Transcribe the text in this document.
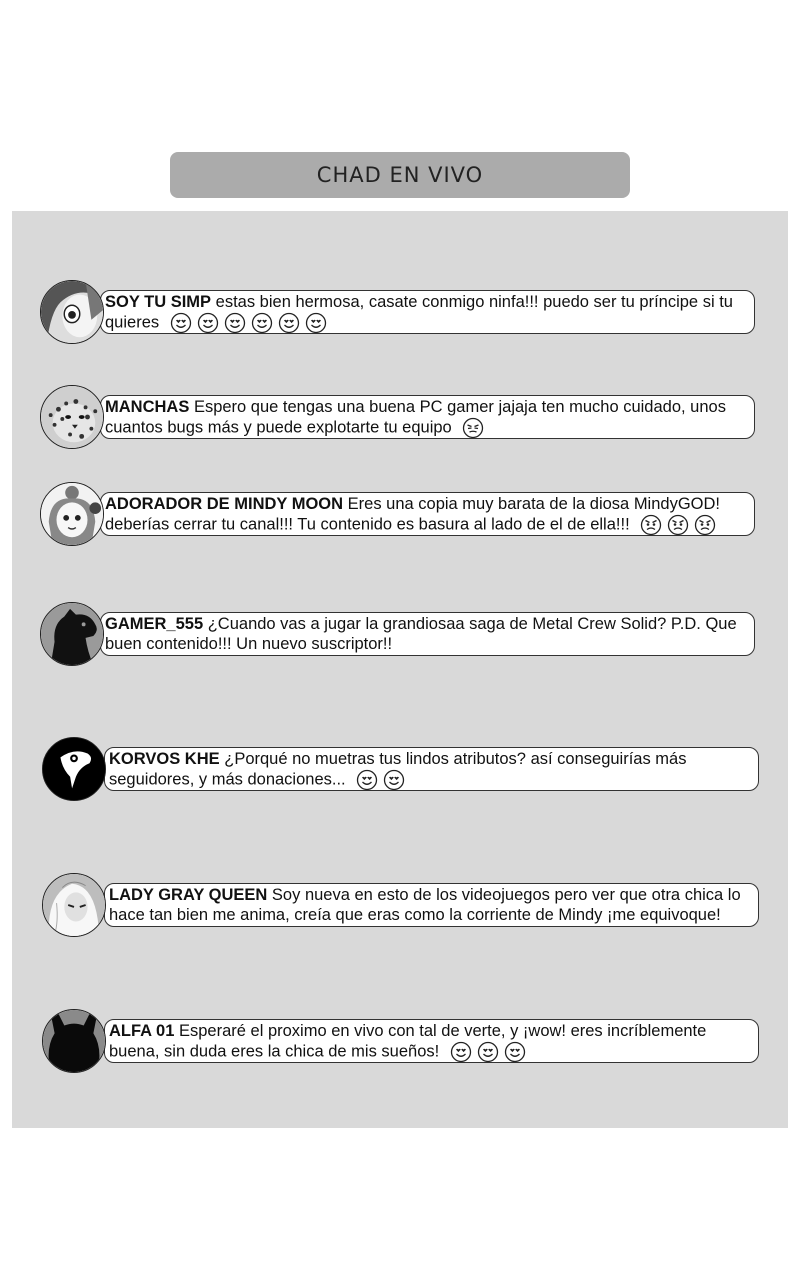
CHAD EN VIVO
SOY TU SIMP estas bien hermosa, casate conmigo ninfa!!! puedo ser tu príncipe si tu quieres
MANCHAS Espero que tengas una buena PC gamer jajaja ten mucho cuidado, unos cuantos bugs más y puede explotarte tu equipo
ADORADOR DE MINDY MOON Eres una copia muy barata de la diosa MindyGOD! deberías cerrar tu canal!!! Tu contenido es basura al lado de el de ella!!!
GAMER_555 ¿Cuando vas a jugar la grandiosaa saga de Metal Crew Solid? P.D. Que buen contenido!!! Un nuevo suscriptor!!
KORVOS KHE ¿Porqué no muetras tus lindos atributos? así conseguirías más seguidores, y más donaciones...
LADY GRAY QUEEN Soy nueva en esto de los videojuegos pero ver que otra chica lo hace tan bien me anima, creía que eras como la corriente de Mindy ¡me equivoque!
ALFA 01 Esperaré el proximo en vivo con tal de verte, y ¡wow! eres incríblemente buena, sin duda eres la chica de mis sueños!
